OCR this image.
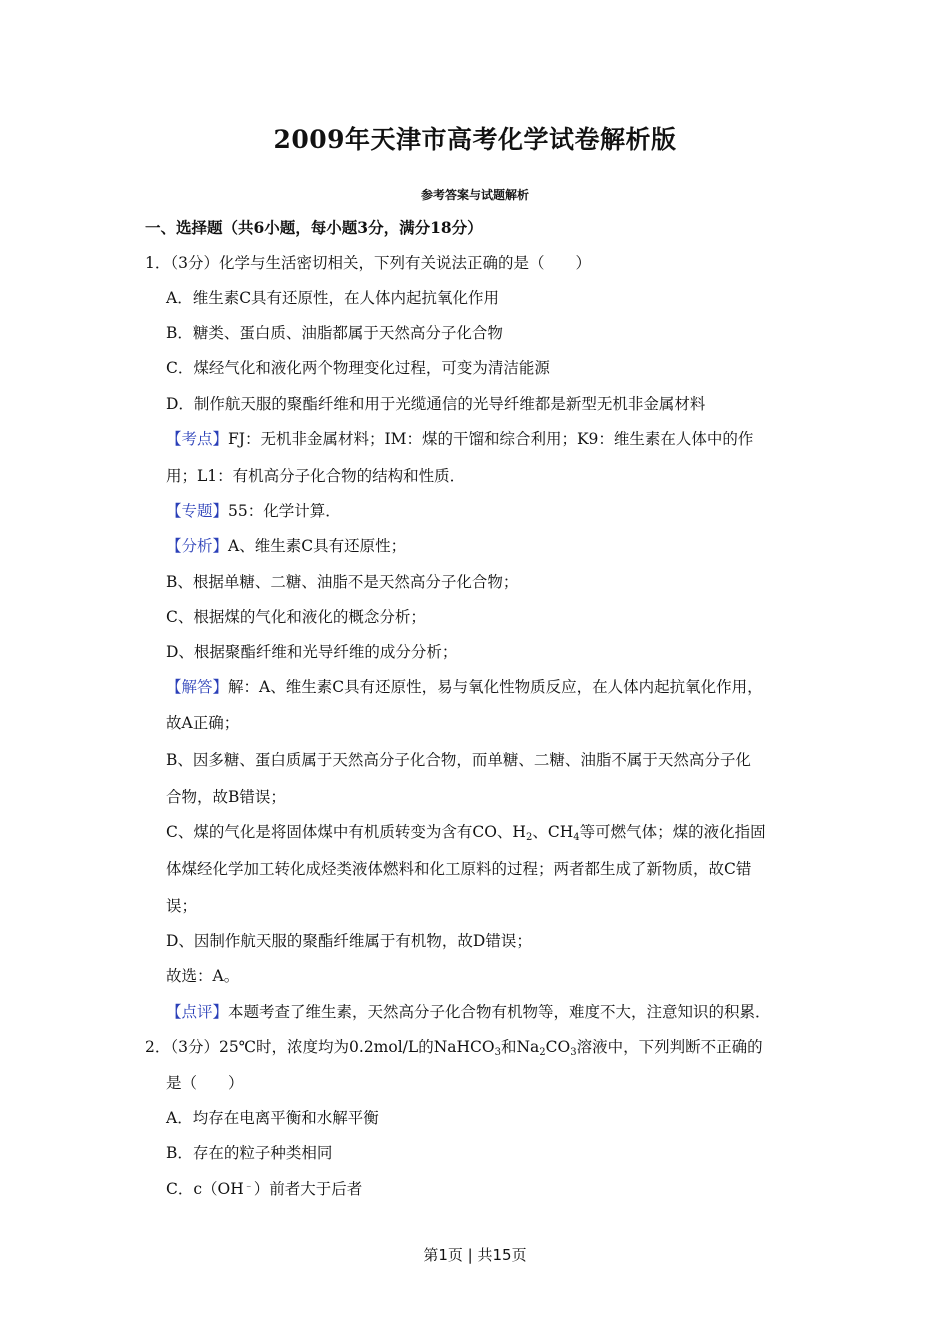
2009年天津市高考化学试卷解析版
参考答案与试题解析
一、选择题（共6小题，每小题3分，满分18分）
1．（3分）化学与生活密切相关，下列有关说法正确的是（　　）
A．维生素C具有还原性，在人体内起抗氧化作用
B．糖类、蛋白质、油脂都属于天然高分子化合物
C．煤经气化和液化两个物理变化过程，可变为清洁能源
D．制作航天服的聚酯纤维和用于光缆通信的光导纤维都是新型无机非金属材料
【考点】FJ：无机非金属材料；IM：煤的干馏和综合利用；K9：维生素在人体中的作
用；L1：有机高分子化合物的结构和性质．
【专题】55：化学计算．
【分析】A、维生素C具有还原性；
B、根据单糖、二糖、油脂不是天然高分子化合物；
C、根据煤的气化和液化的概念分析；
D、根据聚酯纤维和光导纤维的成分分析；
【解答】解：A、维生素C具有还原性，易与氧化性物质反应，在人体内起抗氧化作用，
故A正确；
B、因多糖、蛋白质属于天然高分子化合物，而单糖、二糖、油脂不属于天然高分子化
合物，故B错误；
C、煤的气化是将固体煤中有机质转变为含有CO、$H_2$、$CH_4$等可燃气体；煤的液化指固
体煤经化学加工转化成烃类液体燃料和化工原料的过程；两者都生成了新物质，故C错
误；
D、因制作航天服的聚酯纤维属于有机物，故D错误；
故选：A。
【点评】本题考查了维生素，天然高分子化合物有机物等，难度不大，注意知识的积累．
2．（3分）25℃时，浓度均为0.2mol/L的NaHCO$_3$和$Na_2CO_3$溶液中，下列判断不正确的
是（　　）
A．均存在电离平衡和水解平衡
B．存在的粒子种类相同
C．c（OH﹣）前者大于后者
第1页 | 共15页
